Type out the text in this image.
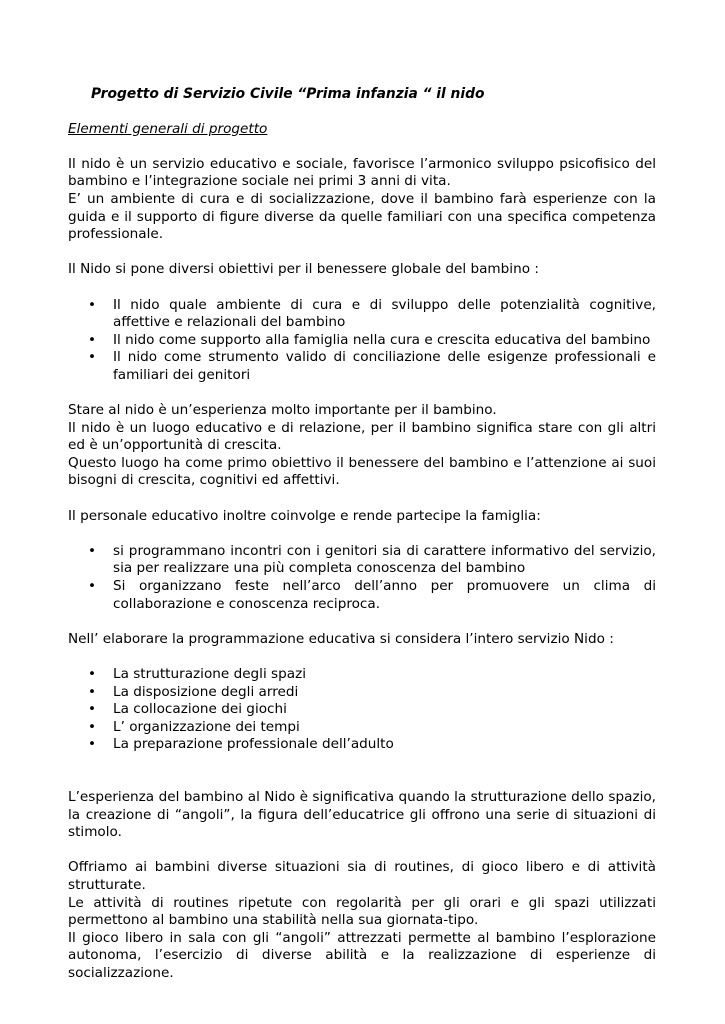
Progetto di Servizio Civile “Prima infanzia “ il nido
Elementi generali di progetto

Il nido è un servizio educativo e sociale, favorisce l’armonico sviluppo psicofisico del bambino e l’integrazione sociale nei primi 3 anni di vita.

E’ un ambiente di cura e di socializzazione, dove il bambino farà esperienze con la guida e il supporto di figure diverse da quelle familiari con una specifica competenza professionale.

Il Nido si pone diversi obiettivi per il benessere globale del bambino :

• Il nido quale ambiente di cura e di sviluppo delle potenzialità cognitive, affettive e relazionali del bambino
• Il nido come supporto alla famiglia nella cura e crescita educativa del bambino
• Il nido come strumento valido di conciliazione delle esigenze professionali e familiari dei genitori

Stare al nido è un’esperienza molto importante per il bambino.

Il nido è un luogo educativo e di relazione, per il bambino significa stare con gli altri ed è un’opportunità di crescita.

Questo luogo ha come primo obiettivo il benessere del bambino e l’attenzione ai suoi bisogni di crescita, cognitivi ed affettivi.

Il personale educativo inoltre coinvolge e rende partecipe la famiglia:

• si programmano incontri con i genitori sia di carattere informativo del servizio, sia per realizzare una più completa conoscenza del bambino
• Si organizzano feste nell’arco dell’anno per promuovere un clima di collaborazione e conoscenza reciproca.

Nell’ elaborare la programmazione educativa si considera l’intero servizio Nido :

• La strutturazione degli spazi
• La disposizione degli arredi
• La collocazione dei giochi
• L’ organizzazione dei tempi
• La preparazione professionale dell’adulto

L’esperienza del bambino al Nido è significativa quando la strutturazione dello spazio, la creazione di “angoli”, la figura dell’educatrice gli offrono una serie di situazioni di stimolo.

Offriamo ai bambini diverse situazioni sia di routines, di gioco libero e di attività strutturate.

Le attività di routines ripetute con regolarità per gli orari e gli spazi utilizzati permettono al bambino una stabilità nella sua giornata-tipo.

Il gioco libero in sala con gli “angoli” attrezzati permette al bambino l’esplorazione autonoma, l’esercizio di diverse abilità e la realizzazione di esperienze di socializzazione.
